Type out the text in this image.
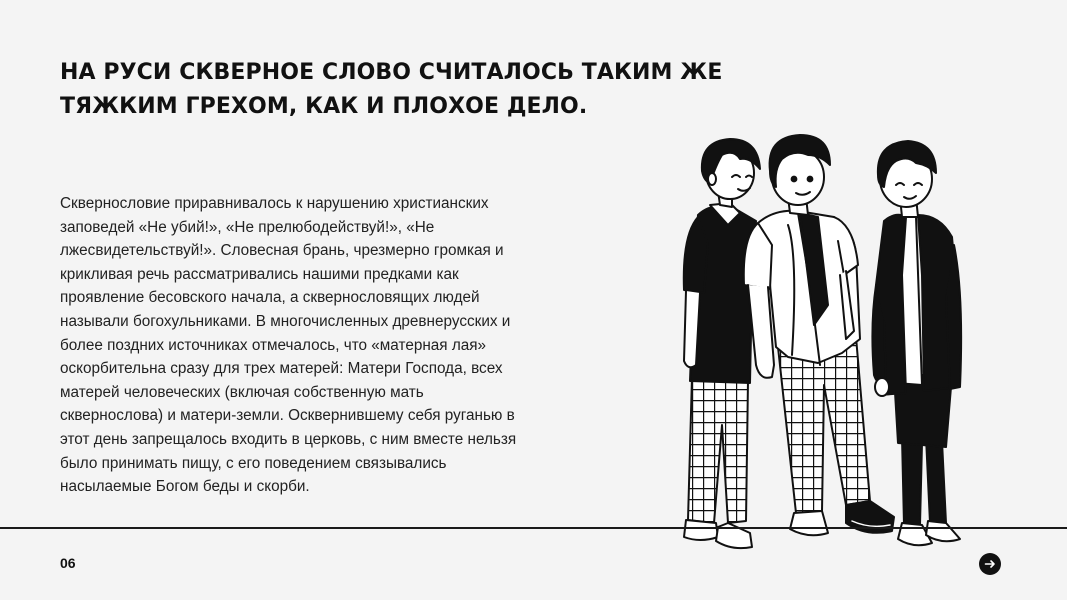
НА РУСИ СКВЕРНОЕ СЛОВО СЧИТАЛОСЬ ТАКИМ ЖЕ
ТЯЖКИМ ГРЕХОМ, КАК И ПЛОХОЕ ДЕЛО.

Сквернословие приравнивалось к нарушению христианских
заповедей «Не убий!», «Не прелюбодействуй!», «Не
лжесвидетельствуй!». Словесная брань, чрезмерно громкая и
крикливая речь рассматривались нашими предками как
проявление бесовского начала, а сквернословящих людей
называли богохульниками. В многочисленных древнерусских и
более поздних источниках отмечалось, что «матерная лая»
оскорбительна сразу для трех матерей: Матери Господа, всех
матерей человеческих (включая собственную мать
сквернослова) и матери-земли. Осквернившему себя руганью в
этот день запрещалось входить в церковь, с ним вместе нельзя
было принимать пищу, с его поведением связывались
насылаемые Богом беды и скорби.

06
